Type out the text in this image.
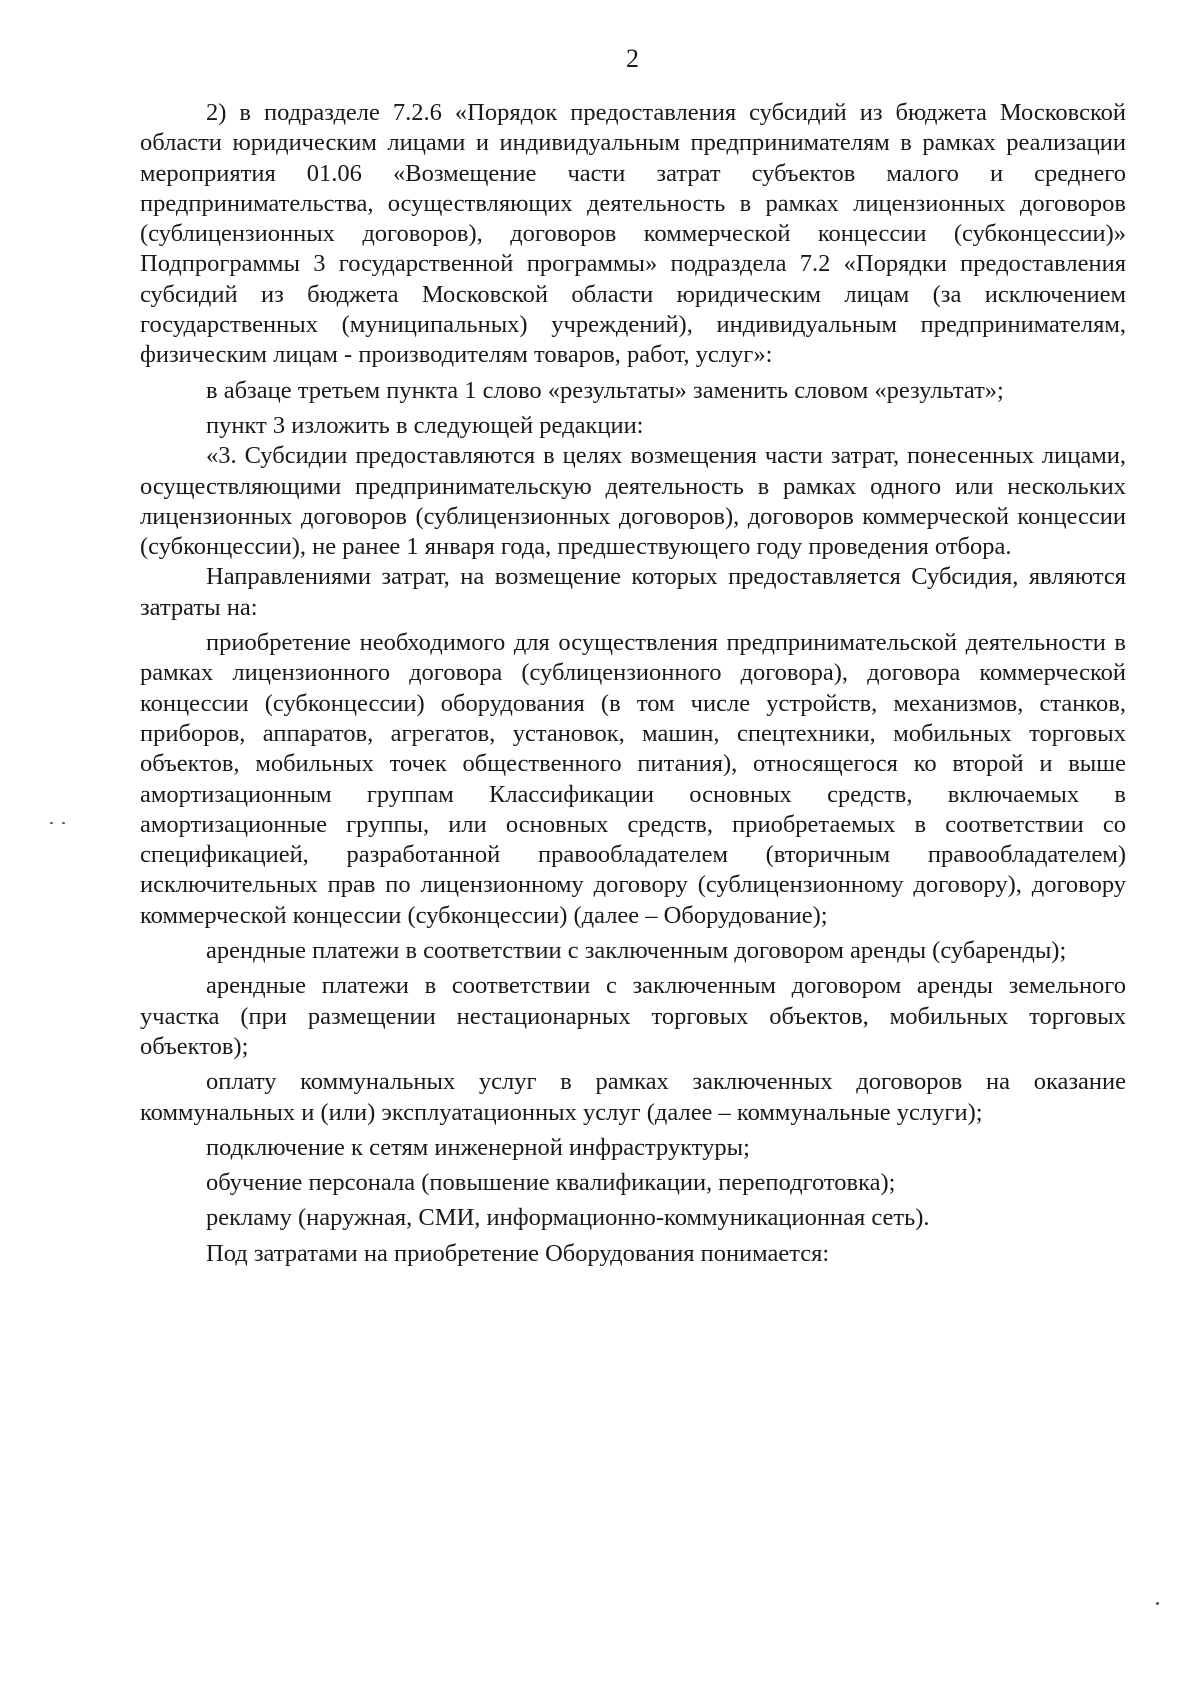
2

2) в подразделе 7.2.6 «Порядок предоставления субсидий из бюджета Московской области юридическим лицами и индивидуальным предпринимателям в рамках реализации мероприятия 01.06 «Возмещение части затрат субъектов малого и среднего предпринимательства, осуществляющих деятельность в рамках лицензионных договоров (сублицензионных договоров), договоров коммерческой концессии (субконцессии)» Подпрограммы 3 государственной программы» подраздела 7.2 «Порядки предоставления субсидий из бюджета Московской области юридическим лицам (за исключением государственных (муниципальных) учреждений), индивидуальным предпринимателям, физическим лицам - производителям товаров, работ, услуг»:

в абзаце третьем пункта 1 слово «результаты» заменить словом «результат»;

пункт 3 изложить в следующей редакции:

«3. Субсидии предоставляются в целях возмещения части затрат, понесенных лицами, осуществляющими предпринимательскую деятельность в рамках одного или нескольких лицензионных договоров (сублицензионных договоров), договоров коммерческой концессии (субконцессии), не ранее 1 января года, предшествующего году проведения отбора.

Направлениями затрат, на возмещение которых предоставляется Субсидия, являются затраты на:

приобретение необходимого для осуществления предпринимательской деятельности в рамках лицензионного договора (сублицензионного договора), договора коммерческой концессии (субконцессии) оборудования (в том числе устройств, механизмов, станков, приборов, аппаратов, агрегатов, установок, машин, спецтехники, мобильных торговых объектов, мобильных точек общественного питания), относящегося ко второй и выше амортизационным группам Классификации основных средств, включаемых в амортизационные группы, или основных средств, приобретаемых в соответствии со спецификацией, разработанной правообладателем (вторичным правообладателем) исключительных прав по лицензионному договору (сублицензионному договору), договору коммерческой концессии (субконцессии) (далее – Оборудование);

арендные платежи в соответствии с заключенным договором аренды (субаренды);

арендные платежи в соответствии с заключенным договором аренды земельного участка (при размещении нестационарных торговых объектов, мобильных торговых объектов);

оплату коммунальных услуг в рамках заключенных договоров на оказание коммунальных и (или) эксплуатационных услуг (далее – коммунальные услуги);

подключение к сетям инженерной инфраструктуры;

обучение персонала (повышение квалификации, переподготовка);

рекламу (наружная, СМИ, информационно-коммуникационная сеть).

Под затратами на приобретение Оборудования понимается:
